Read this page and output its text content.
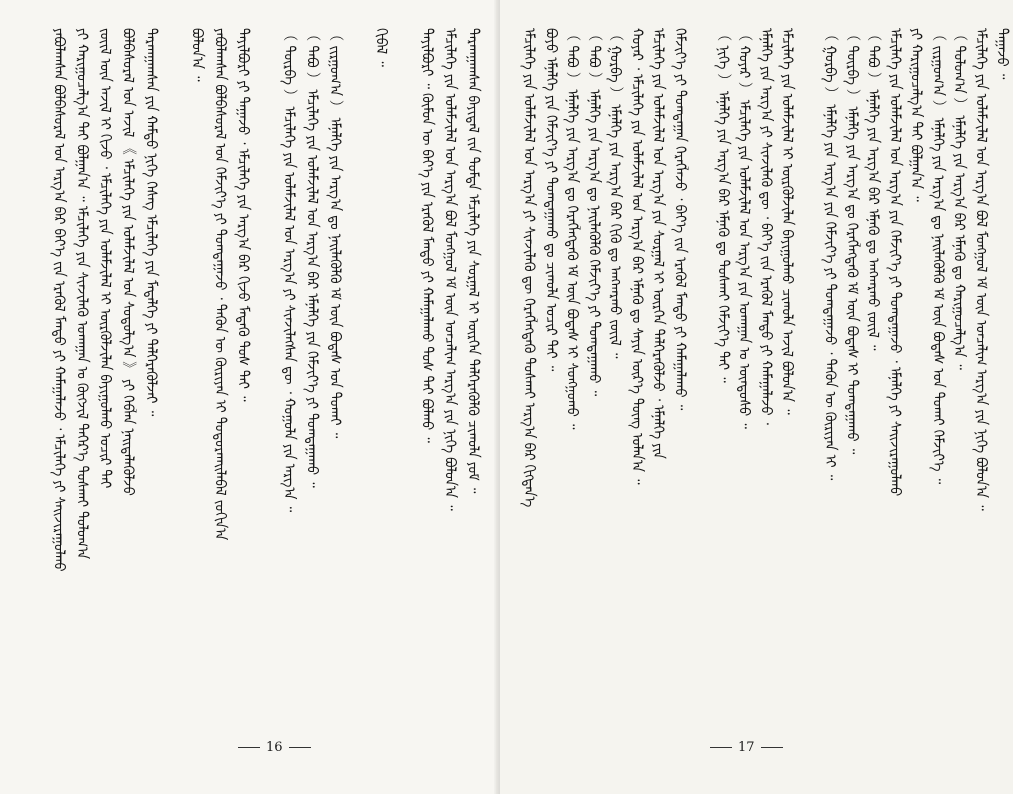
ᠶᠠᠪᠤᠯᠠᠭᠰᠠᠨ ᠪᠣᠯᠪᠠᠰᠤᠷᠠᠯ ᠤᠨ ᠠᠷᠭ᠎ᠠ ᠪᠠᠷ ᠪᠡᠶ᠎ᠡ ᠵᠢᠨ ᠡᠷᠡᠭᠦᠯ ᠮᠡᠨᠳᠦ ᠶᠢ ᠬᠠᠮᠠᠭᠠᠯᠠᠵᠤ ᠂ ᠡᠮᠴᠢᠯᠡᠭᠡ ᠶᠢ ᠰᠠᠢᠵᠢᠷᠠᠭᠤᠯᠬᠤ ᠶᠢ ᠬᠠᠷᠢᠭᠤᠴᠠᠯᠭ᠎ᠠ ᠲᠠᠢ ᠪᠣᠯᠭᠠᠨ᠎ᠠ ᠃ ᠡᠮᠴᠢᠯᠡᠭᠡ ᠶᠢᠨ ᠰᠢᠨᠵᠢᠯᠡᠬᠦ ᠤᠬᠠᠭᠠᠨ ᠤ ᠬᠦᠭᠵᠢᠯ ᠳᠡᠭᠡᠷ᠎ᠡ ᠲᠤᠰᠬᠠᠢ ᠳᠣᠯᠤᠭ᠎ᠠ ᠵᠦᠢᠯ ᠦᠨ ᠠᠵᠢᠯ ᠢ ᠬᠢᠵᠦ ᠂ ᠡᠮᠴᠢᠯᠡᠭᠡ ᠶᠢᠨ ᠤᠯᠠᠮᠵᠢᠯᠠᠯ ᠢ ᠦᠷᠭᠦᠯᠵᠢᠯᠡᠨ ᠪᠠᠶᠢᠭᠤᠯᠬᠤ ᠤᠴᠢᠷ ᠲᠠᠢ ᠪᠣᠯᠪᠠᠰᠤᠷᠠᠯ ᠤᠨ ᠠᠵᠢᠯ 《 ᠡᠮᠴᠢᠯᠡᠭᠡ ᠶᠢᠨ ᠤᠯᠠᠮᠵᠢᠯᠠᠯ ᠤᠨ ᠰᠤᠳᠤᠯᠭ᠎ᠠ 》 ᠶᠢ ᠬᠡᠪᠯᠡᠨ ᠨᠡᠢᠲᠡᠯᠡᠭᠦᠯᠵᠦ ᠲᠠᠷᠬᠠᠭᠠᠭᠰᠠᠨ ᠶᠢᠨ ᠬᠠᠮᠲᠤ ᠨᠢᠭᠡ ᠬᠡᠰᠡᠭ ᠡᠮᠴᠢᠯᠡᠭᠡ ᠶᠢᠨ ᠮᠡᠳᠡᠯᠭᠡ ᠶᠢ ᠳᠡᠯᠭᠡᠷᠡᠭᠦᠯᠵᠡᠢ ᠃ ᠪᠣᠯᠤᠨ᠎ᠠ ᠃ ᠶᠠᠪᠤᠯᠠᠭᠰᠠᠨ ᠪᠣᠯᠪᠠᠰᠤᠷᠠᠯ ᠤᠨ ᠬᠡᠮᠵᠢᠶ᠎ᠡ ᠶᠢ ᠲᠣᠭᠲᠠᠭᠠᠵᠤ ᠂ ᠲᠡᠭᠦᠨ ᠦ ᠬᠦᠷᠢᠶᠡᠨ ᠢ ᠲᠣᠳᠤᠷᠬᠠᠢᠯᠠᠪᠠᠯ ᠵᠣᠬᠢᠨ᠎ᠠ ᠲᠠᠶᠢᠯᠪᠤᠷᠢ ᠶᠢ ᠳᠠᠭᠠᠵᠤ ᠂ ᠡᠮᠴᠢᠯᠡᠭᠡ ᠶᠢᠨ ᠠᠷᠭ᠎ᠠ ᠪᠠᠷ ᠬᠢᠵᠦ ᠮᠡᠳᠡᠬᠦ ᠲᠤᠰ ᠲᠠᠢ ᠃ （ ᠳᠥᠷᠪᠡ ） ᠡᠮᠴᠢᠯᠡᠭᠡ ᠶᠢᠨ ᠤᠯᠠᠮᠵᠢᠯᠠᠯ ᠤᠨ ᠠᠷᠭ᠎ᠠ ᠶᠢ ᠰᠢᠨᠵᠢᠯᠡᠭᠰᠡᠨ ᠳᠦ ᠂ ᠬᠣᠭᠣᠯᠠ ᠶᠢᠨ ᠠᠷᠭ᠎ᠠ ᠃ （ ᠲᠠᠪᠤ ） ᠡᠮᠴᠢᠯᠡᠭᠡ ᠶᠢᠨ ᠤᠯᠠᠮᠵᠢᠯᠠᠯ ᠤᠨ ᠠᠷᠭ᠎ᠠ ᠪᠠᠷ ᠡᠮᠨᠡᠯᠭᠡ ᠶᠢᠨ ᠬᠡᠮᠵᠢᠶ᠎ᠡ ᠶᠢ ᠲᠣᠭᠲᠠᠭᠠᠬᠤ ᠃ （ ᠵᠢᠷᠭᠤᠭ᠎ᠠ ） ᠡᠮᠨᠡᠯᠭᠡ ᠶᠢᠨ ᠠᠷᠭ᠎ᠠ ᠳᠤ ᠨᠡᠢᠯᠡᠭᠦᠯᠬᠦ ᠡᠮ ᠦᠨ ᠪᠣᠳᠠᠰ ᠤᠨ ᠲᠤᠬᠠᠢ ᠃ ᠬᠢᠪᠡᠯ ᠃ ᠲᠠᠶᠢᠯᠪᠤᠷᠢ ᠃ ᠬᠦᠮᠦᠨ ᠦ ᠪᠡᠶ᠎ᠡ ᠶᠢᠨ ᠡᠷᠡᠭᠦᠯ ᠮᠡᠨᠳᠦ ᠶᠢ ᠬᠠᠮᠠᠭᠠᠯᠠᠬᠤ ᠲᠤᠰ ᠲᠠᠢ ᠪᠣᠯᠬᠤ ᠃ ᠡᠮᠴᠢᠯᠡᠭᠡ ᠶᠢᠨ ᠤᠯᠠᠮᠵᠢᠯᠠᠯ ᠤᠨ ᠠᠷᠭ᠎ᠠ ᠪᠣᠯ ᠮᠣᠩᠭᠣᠯ ᠡᠮ ᠦᠨ ᠣᠨᠴᠠᠯᠢᠭ ᠠᠷᠭ᠎ᠠ ᠶᠢᠨ ᠨᠢᠭᠡ ᠪᠣᠯᠤᠨ᠎ᠠ ᠃ ᠲᠠᠷᠬᠠᠭᠠᠭᠰᠠᠨ ᠪᠠᠶᠢᠳᠠᠯ ᠵᠢᠨ ᠳᠤᠮᠳᠠ ᠡᠮᠴᠢᠯᠡᠭᠡ ᠶᠢᠨ ᠰᠤᠷᠭᠠᠯ ᠢ ᠥᠷᠭᠡᠨ ᠳᠡᠯᠭᠡᠷᠡᠭᠦᠯᠬᠦ ᠴᠢᠬᠤᠯᠠ ᠶᠤᠮ ᠃
16
ᠡᠮᠴᠢᠯᠡᠭᠡ ᠶᠢᠨ ᠤᠯᠠᠮᠵᠢᠯᠠᠯ ᠤᠨ ᠠᠷᠭ᠎ᠠ ᠶᠢ ᠰᠢᠨᠵᠢᠯᠡᠬᠦ ᠳᠦ ᠬᠡᠷᠡᠭᠯᠡᠭᠳᠡᠬᠦ ᠲᠤᠰᠬᠠᠢ ᠠᠷᠭ᠎ᠠ ᠪᠠᠷ ᠬᠢᠭᠳᠡᠨ᠎ᠡ ᠪᠤᠶᠤ ᠡᠮᠨᠡᠯᠭᠡ ᠶᠢᠨ ᠬᠡᠮᠵᠢᠶ᠎ᠡ ᠶᠢ ᠲᠣᠭᠲᠠᠭᠠᠬᠤ ᠳᠤ ᠴᠢᠬᠤᠯᠠ ᠤᠴᠢᠷ ᠲᠠᠢ ᠃ （ ᠲᠠᠪᠤ ） ᠡᠮᠨᠡᠯᠭᠡ ᠶᠢᠨ ᠠᠷᠭ᠎ᠠ ᠳᠤ ᠬᠡᠷᠡᠭᠯᠡᠭᠳᠡᠬᠦ ᠡᠮ ᠦᠨ ᠪᠣᠳᠠᠰ ᠢ ᠰᠣᠩᠭᠣᠬᠤ ᠃ （ ᠲᠠᠪᠤ ） ᠡᠮᠨᠡᠯᠭᠡ ᠶᠢᠨ ᠠᠷᠭ᠎ᠠ ᠳᠤ ᠨᠡᠢᠯᠡᠭᠦᠯᠬᠦ ᠬᠡᠮᠵᠢᠶ᠎ᠡ ᠶᠢ ᠲᠣᠭᠲᠠᠭᠠᠬᠤ ᠃ （ ᠭᠤᠷᠪᠠ ） ᠡᠮᠨᠡᠯᠭᠡ ᠶᠢᠨ ᠠᠷᠭ᠎ᠠ ᠪᠠᠷ ᠬᠢᠬᠦ ᠳᠤ ᠠᠩᠬᠠᠷᠬᠤ ᠵᠦᠢᠯ ᠃ ᠬᠣᠶᠠᠷ ᠂ ᠡᠮᠴᠢᠯᠡᠭᠡ ᠶᠢᠨ ᠤᠯᠠᠮᠵᠢᠯᠠᠯ ᠤᠨ ᠠᠷᠭ᠎ᠠ ᠪᠠᠷ ᠡᠮᠨᠡᠬᠦ ᠳᠤ ᠰᠠᠶᠢᠨ ᠦᠷ᠎ᠡ ᠳᠦᠩ ᠣᠯᠠᠨ᠎ᠠ ᠃ ᠡᠮᠴᠢᠯᠡᠭᠡ ᠶᠢᠨ ᠤᠯᠠᠮᠵᠢᠯᠠᠯ ᠤᠨ ᠠᠷᠭ᠎ᠠ ᠶᠢᠨ ᠰᠤᠷᠭᠠᠯ ᠢ ᠥᠷᠭᠡᠨ ᠳᠡᠯᠭᠡᠷᠡᠭᠦᠯᠵᠦ ᠂ ᠡᠮᠨᠡᠯᠭᠡ ᠶᠢᠨ ᠬᠡᠮᠵᠢᠶ᠎ᠡ ᠶᠢ ᠲᠣᠭᠲᠠᠭᠠᠨ ᠬᠡᠷᠡᠭᠯᠡᠵᠦ ᠂ ᠪᠡᠶ᠎ᠡ ᠵᠢᠨ ᠡᠷᠡᠭᠦᠯ ᠮᠡᠨᠳᠦ ᠶᠢ ᠬᠠᠮᠠᠭᠠᠯᠠᠬᠤ ᠃ （ ᠨᠢᠭᠡ ） ᠡᠮᠨᠡᠯᠭᠡ ᠶᠢᠨ ᠠᠷᠭ᠎ᠠ ᠪᠠᠷ ᠡᠮᠨᠡᠬᠦ ᠳᠤ ᠲᠤᠰᠬᠠᠢ ᠬᠡᠮᠵᠢᠶ᠎ᠡ ᠲᠠᠢ ᠃ （ ᠬᠣᠶᠠᠷ ） ᠡᠮᠴᠢᠯᠡᠭᠡ ᠶᠢᠨ ᠤᠯᠠᠮᠵᠢᠯᠠᠯ ᠤᠨ ᠠᠷᠭ᠎ᠠ ᠶᠢᠨ ᠤᠬᠠᠭᠠᠨ ᠤ ᠦᠨᠳᠦᠰᠦ ᠃ ᠡᠮᠨᠡᠯᠭᠡ ᠶᠢᠨ ᠠᠷᠭ᠎ᠠ ᠶᠢ ᠰᠢᠨᠵᠢᠯᠡᠬᠦ ᠳᠦ ᠂ ᠪᠡᠶ᠎ᠡ ᠵᠢᠨ ᠡᠷᠡᠭᠦᠯ ᠮᠡᠨᠳᠦ ᠶᠢ ᠬᠠᠮᠠᠭᠠᠯᠠᠵᠤ ᠂ ᠡᠮᠴᠢᠯᠡᠭᠡ ᠶᠢᠨ ᠤᠯᠠᠮᠵᠢᠯᠠᠯ ᠢ ᠦᠷᠭᠦᠯᠵᠢᠯᠡᠨ ᠪᠠᠶᠢᠭᠤᠯᠬᠤ ᠴᠢᠬᠤᠯᠠ ᠠᠵᠢᠯ ᠪᠣᠯᠤᠨ᠎ᠠ ᠃ （ ᠭᠤᠷᠪᠠ ） ᠡᠮᠨᠡᠯᠭᠡ ᠶᠢᠨ ᠠᠷᠭ᠎ᠠ ᠶᠢᠨ ᠬᠡᠮᠵᠢᠶ᠎ᠡ ᠶᠢ ᠲᠣᠭᠲᠠᠭᠠᠵᠤ ᠂ ᠲᠡᠭᠦᠨ ᠦ ᠬᠦᠷᠢᠶᠡᠨ ᠢ ᠃ （ ᠳᠥᠷᠪᠡ ） ᠡᠮᠨᠡᠯᠭᠡ ᠶᠢᠨ ᠠᠷᠭ᠎ᠠ ᠳᠤ ᠬᠡᠷᠡᠭᠯᠡᠭᠳᠡᠬᠦ ᠡᠮ ᠦᠨ ᠪᠣᠳᠠᠰ ᠢ ᠲᠣᠭᠲᠠᠭᠠᠬᠤ ᠃ （ ᠲᠠᠪᠤ ） ᠡᠮᠨᠡᠯᠭᠡ ᠶᠢᠨ ᠠᠷᠭ᠎ᠠ ᠪᠠᠷ ᠡᠮᠨᠡᠬᠦ ᠳᠤ ᠠᠩᠬᠠᠷᠬᠤ ᠵᠦᠢᠯ ᠃ ᠡᠮᠴᠢᠯᠡᠭᠡ ᠶᠢᠨ ᠤᠯᠠᠮᠵᠢᠯᠠᠯ ᠤᠨ ᠠᠷᠭ᠎ᠠ ᠶᠢᠨ ᠬᠡᠮᠵᠢᠶ᠎ᠡ ᠶᠢ ᠲᠣᠭᠲᠠᠭᠠᠵᠤ ᠂ ᠡᠮᠨᠡᠯᠭᠡ ᠶᠢ ᠰᠠᠢᠵᠢᠷᠠᠭᠤᠯᠬᠤ ᠶᠢ ᠬᠠᠷᠢᠭᠤᠴᠠᠯᠭ᠎ᠠ ᠲᠠᠢ ᠪᠣᠯᠭᠠᠨ᠎ᠠ ᠃ （ ᠵᠢᠷᠭᠤᠭ᠎ᠠ ） ᠡᠮᠨᠡᠯᠭᠡ ᠶᠢᠨ ᠠᠷᠭ᠎ᠠ ᠳᠤ ᠨᠡᠢᠯᠡᠭᠦᠯᠬᠦ ᠡᠮ ᠦᠨ ᠪᠣᠳᠠᠰ ᠤᠨ ᠲᠤᠬᠠᠢ ᠬᠡᠮᠵᠢᠶ᠎ᠡ ᠃ （ ᠲᠣᠯᠣᠭ᠎ᠠ ） ᠡᠮᠨᠡᠯᠭᠡ ᠶᠢᠨ ᠠᠷᠭ᠎ᠠ ᠪᠠᠷ ᠡᠮᠨᠡᠬᠦ ᠳᠤ ᠬᠠᠷᠢᠭᠤᠴᠠᠯᠭ᠎ᠠ ᠃ ᠡᠮᠴᠢᠯᠡᠭᠡ ᠶᠢᠨ ᠤᠯᠠᠮᠵᠢᠯᠠᠯ ᠤᠨ ᠠᠷᠭ᠎ᠠ ᠪᠣᠯ ᠮᠣᠩᠭᠣᠯ ᠡᠮ ᠦᠨ ᠣᠨᠴᠠᠯᠢᠭ ᠠᠷᠭ᠎ᠠ ᠶᠢᠨ ᠨᠢᠭᠡ ᠪᠣᠯᠤᠨ᠎ᠠ ᠃ ᠳᠠᠭᠠᠵᠤ ᠃
17
